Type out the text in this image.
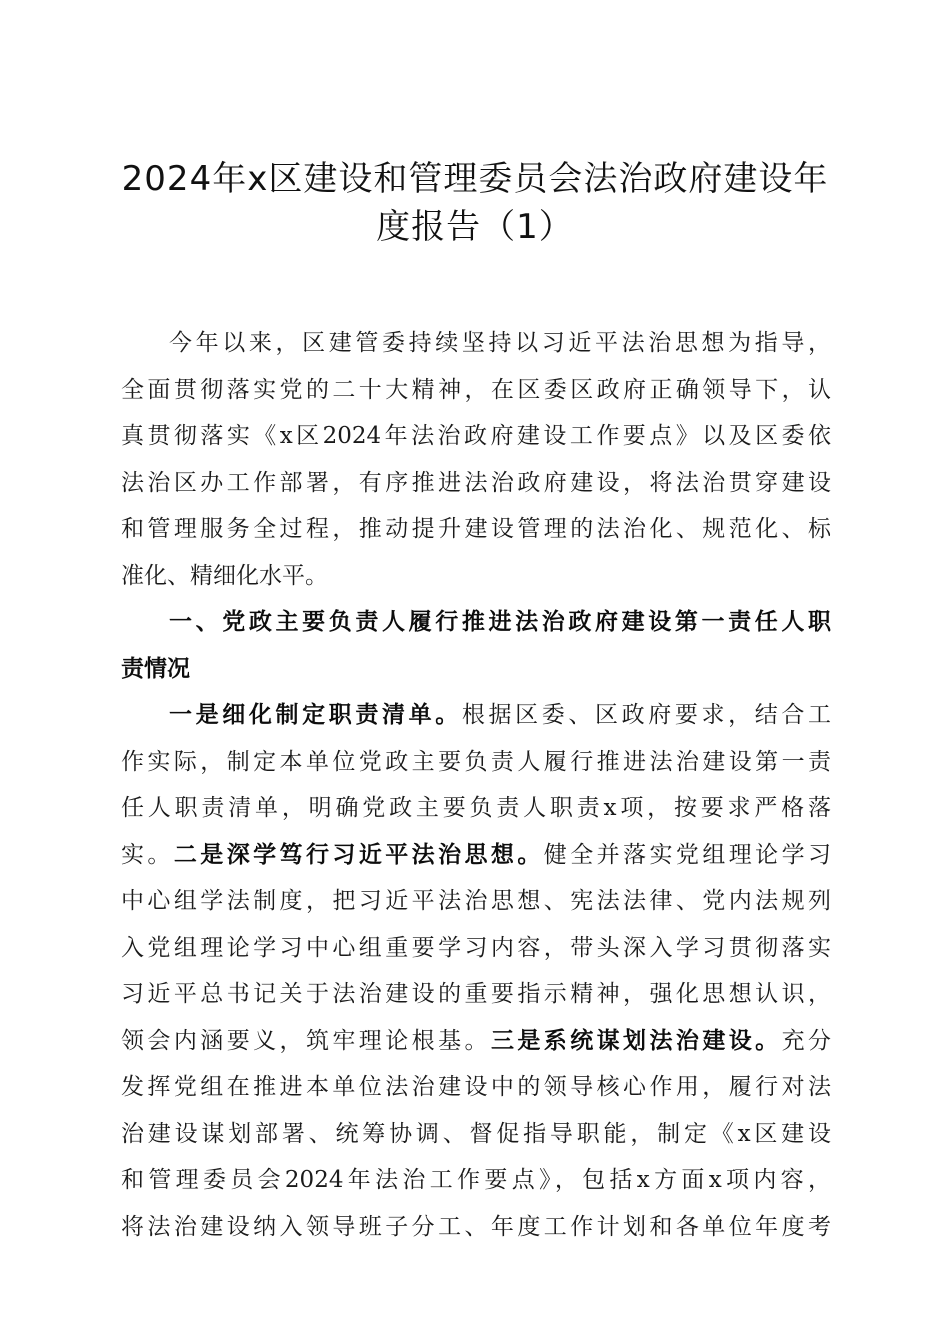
2024年x区建设和管理委员会法治政府建设年
度报告（1）
今年以来，区建管委持续坚持以习近平法治思想为指导，
全面贯彻落实党的二十大精神，在区委区政府正确领导下，认
真贯彻落实《x区2024年法治政府建设工作要点》以及区委依
法治区办工作部署，有序推进法治政府建设，将法治贯穿建设
和管理服务全过程，推动提升建设管理的法治化、规范化、标
准化、精细化水平。
一、党政主要负责人履行推进法治政府建设第一责任人职
责情况
一是细化制定职责清单。根据区委、区政府要求，结合工
作实际，制定本单位党政主要负责人履行推进法治建设第一责
任人职责清单，明确党政主要负责人职责x项，按要求严格落
实。二是深学笃行习近平法治思想。健全并落实党组理论学习
中心组学法制度，把习近平法治思想、宪法法律、党内法规列
入党组理论学习中心组重要学习内容，带头深入学习贯彻落实
习近平总书记关于法治建设的重要指示精神，强化思想认识，
领会内涵要义，筑牢理论根基。三是系统谋划法治建设。充分
发挥党组在推进本单位法治建设中的领导核心作用，履行对法
治建设谋划部署、统筹协调、督促指导职能，制定《x区建设
和管理委员会2024年法治工作要点》，包括x方面x项内容，
将法治建设纳入领导班子分工、年度工作计划和各单位年度考
